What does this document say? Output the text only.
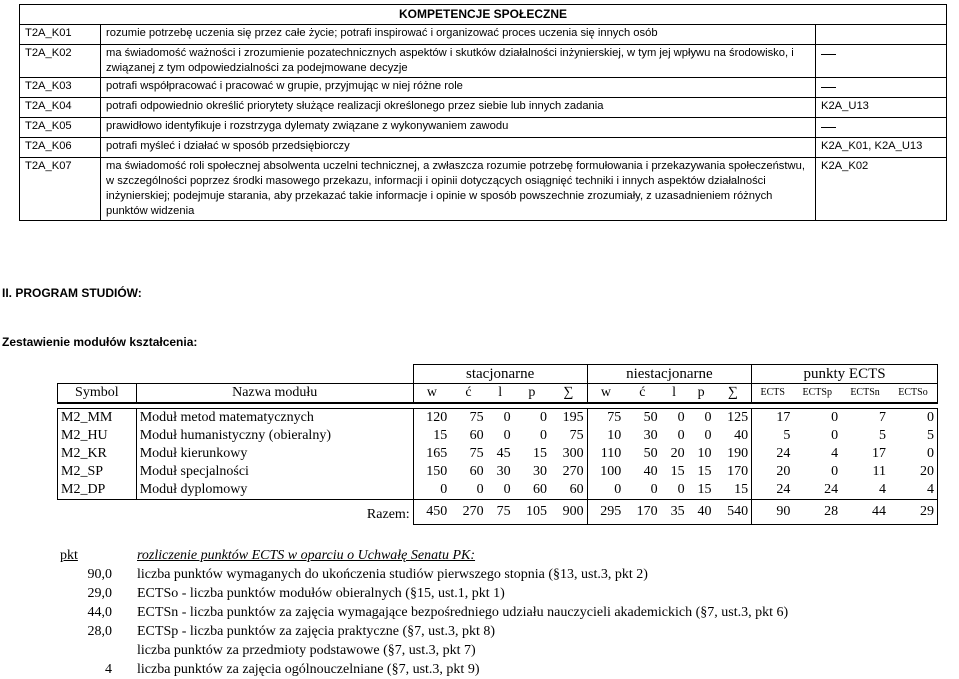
KOMPETENCJE SPOŁECZNE		
T2A_K01	rozumie potrzebę uczenia się przez całe życie; potrafi inspirować i organizować proces uczenia się innych osób	
T2A_K02	ma świadomość ważności i zrozumienie pozatechnicznych aspektów i skutków działalności inżynierskiej, w tym jej wpływu na środowisko, i związanej z tym odpowiedzialności za podejmowane decyzje	
T2A_K03	potrafi współpracować i pracować w grupie, przyjmując w niej różne role	
T2A_K04	potrafi odpowiednio określić priorytety służące realizacji określonego przez siebie lub innych zadania	K2A_U13
T2A_K05	prawidłowo identyfikuje i rozstrzyga dylematy związane z wykonywaniem zawodu	
T2A_K06	potrafi myśleć i działać w sposób przedsiębiorczy	K2A_K01, K2A_U13
T2A_K07	ma świadomość roli społecznej absolwenta uczelni technicznej, a zwłaszcza rozumie potrzebę formułowania i przekazywania społeczeństwu, w szczególności poprzez środki masowego przekazu, informacji i opinii dotyczących osiągnięć techniki i innych aspektów działalności inżynierskiej; podejmuje starania, aby przekazać takie informacje i opinie w sposób powszechnie zrozumiały, z uzasadnieniem różnych punktów widzenia	K2A_K02
II. PROGRAM STUDIÓW:
Zestawienie modułów kształcenia:
		stacjonarne					niestacjonarne					punkty ECTS			
Symbol	Nazwa modułu	w	ć	l	p	∑	w	ć	l	p	∑	ECTS	ECTSp	ECTSn	ECTSo

M2_MM	Moduł metod matematycznych	120	75	0	0	195	75	50	0	0	125	17	0	7	0
M2_HU	Moduł humanistyczny (obieralny)	15	60	0	0	75	10	30	0	0	40	5	0	5	5
M2_KR	Moduł kierunkowy	165	75	45	15	300	110	50	20	10	190	24	4	17	0
M2_SP	Moduł specjalności	150	60	30	30	270	100	40	15	15	170	20	0	11	20
M2_DP	Moduł dyplomowy	0	0	0	60	60	0	0	0	15	15	24	24	4	4
	Razem:	450	270	75	105	900	295	170	35	40	540	90	28	44	29
pkt	rozliczenie punktów ECTS w oparciu o Uchwałę Senatu PK:
90,0 liczba punktów wymaganych do ukończenia studiów pierwszego stopnia (§13, ust.3, pkt 2)
29,0 ECTSo - liczba punktów modułów obieralnych (§15, ust.1, pkt 1)
44,0 ECTSn - liczba punktów za zajęcia wymagające bezpośredniego udziału nauczycieli akademickich (§7, ust.3, pkt 6)
28,0 ECTSp - liczba punktów za zajęcia praktyczne (§7, ust.3, pkt 8)
liczba punktów za przedmioty podstawowe (§7, ust.3, pkt 7)
4 liczba punktów za zajęcia ogólnouczelniane (§7, ust.3, pkt 9)
